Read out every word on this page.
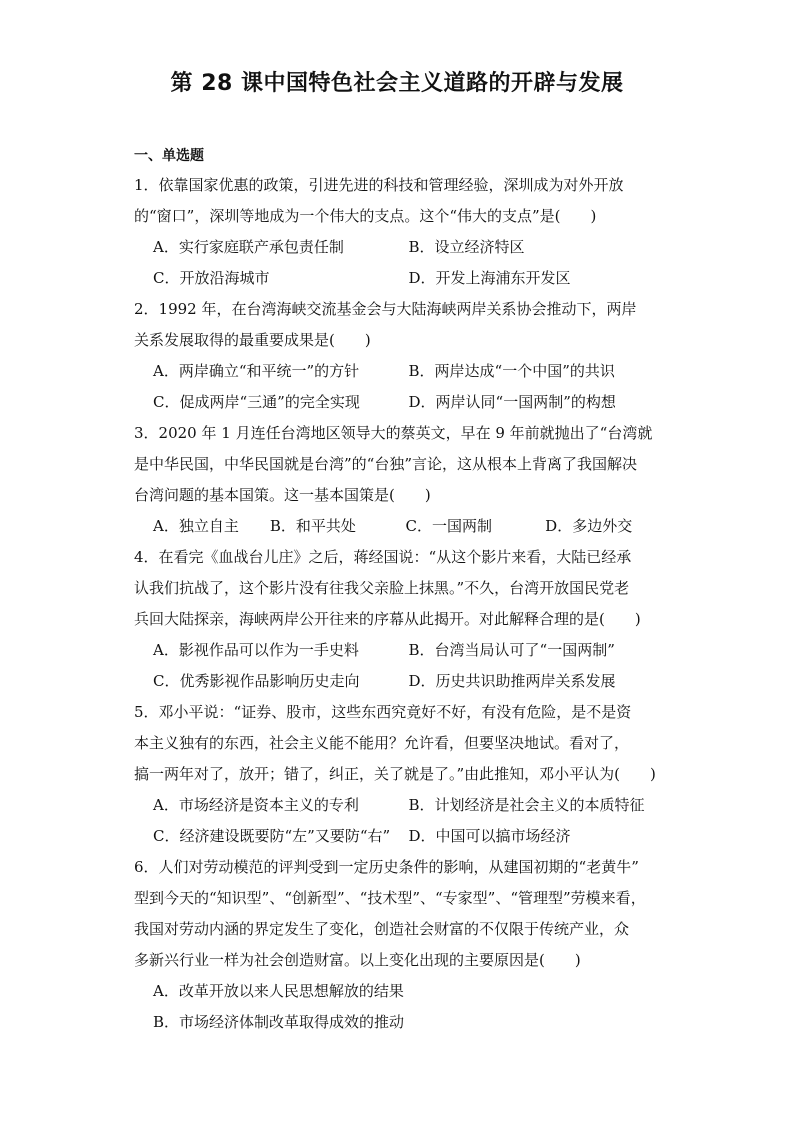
第 28 课中国特色社会主义道路的开辟与发展
一、单选题

1．依靠国家优惠的政策，引进先进的科技和管理经验，深圳成为对外开放

的“窗口”，深圳等地成为一个伟大的支点。这个“伟大的支点”是(　　)

A．实行家庭联产承包责任制	B．设立经济特区
C．开放沿海城市	D．开发上海浦东开发区

2．1992 年，在台湾海峡交流基金会与大陆海峡两岸关系协会推动下，两岸

关系发展取得的最重要成果是(　　)

A．两岸确立“和平统一”的方针	B．两岸达成“一个中国”的共识
C．促成两岸“三通”的完全实现	D．两岸认同“一国两制”的构想

3．2020 年 1 月连任台湾地区领导大的蔡英文，早在 9 年前就抛出了“台湾就

是中华民国，中华民国就是台湾”的“台独”言论，这从根本上背离了我国解决

台湾问题的基本国策。这一基本国策是(　　)

A．独立自主	B．和平共处	C．一国两制	D．多边外交

4．在看完《血战台儿庄》之后，蒋经国说：“从这个影片来看，大陆已经承

认我们抗战了，这个影片没有往我父亲脸上抹黑。”不久，台湾开放国民党老

兵回大陆探亲，海峡两岸公开往来的序幕从此揭开。对此解释合理的是(　　)

A．影视作品可以作为一手史料	B．台湾当局认可了“一国两制”
C．优秀影视作品影响历史走向	D．历史共识助推两岸关系发展

5．邓小平说：“证券、股市，这些东西究竟好不好，有没有危险，是不是资

本主义独有的东西，社会主义能不能用？允许看，但要坚决地试。看对了，

搞一两年对了，放开；错了，纠正，关了就是了。”由此推知，邓小平认为(　　)

A．市场经济是资本主义的专利	B．计划经济是社会主义的本质特征
C．经济建设既要防“左”又要防“右”	D．中国可以搞市场经济

6．人们对劳动模范的评判受到一定历史条件的影响，从建国初期的“老黄牛”

型到今天的“知识型”、“创新型”、“技术型”、“专家型”、“管理型”劳模来看，

我国对劳动内涵的界定发生了变化，创造社会财富的不仅限于传统产业，众

多新兴行业一样为社会创造财富。以上变化出现的主要原因是(　　)

A．改革开放以来人民思想解放的结果
B．市场经济体制改革取得成效的推动
